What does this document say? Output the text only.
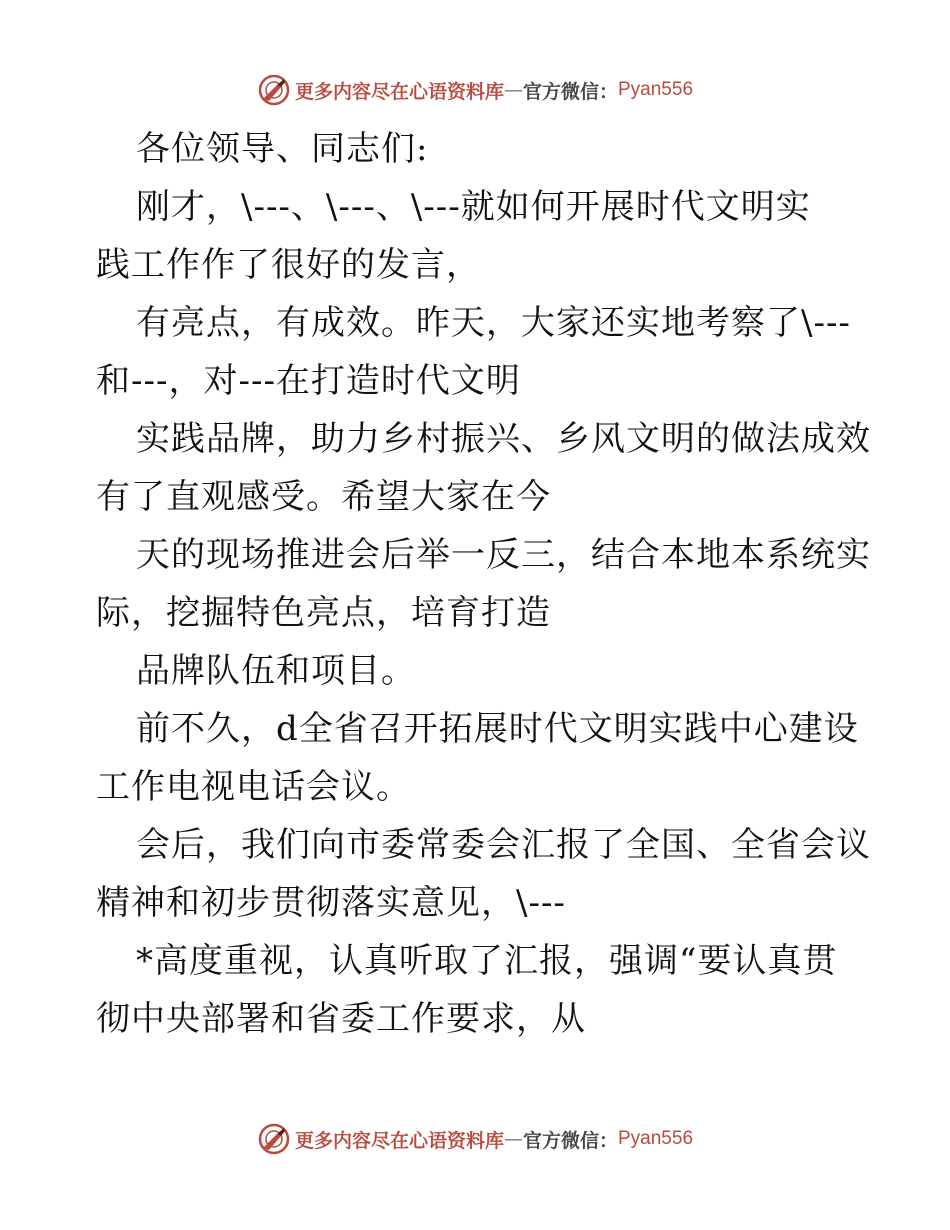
更多内容尽在心语资料库 — 官方微信： Pyan556
各位领导、同志们:
刚才，\---、\---、\---就如何开展时代文明实
践工作作了很好的发言，
有亮点，有成效。昨天，大家还实地考察了\---
和---，对---在打造时代文明
实践品牌，助力乡村振兴、乡风文明的做法成效
有了直观感受。希望大家在今
天的现场推进会后举一反三，结合本地本系统实
际，挖掘特色亮点，培育打造
品牌队伍和项目。
前不久，d全省召开拓展时代文明实践中心建设
工作电视电话会议。
会后，我们向市委常委会汇报了全国、全省会议
精神和初步贯彻落实意见，\---
*高度重视，认真听取了汇报，强调“要认真贯
彻中央部署和省委工作要求，从
更多内容尽在心语资料库 — 官方微信： Pyan556
